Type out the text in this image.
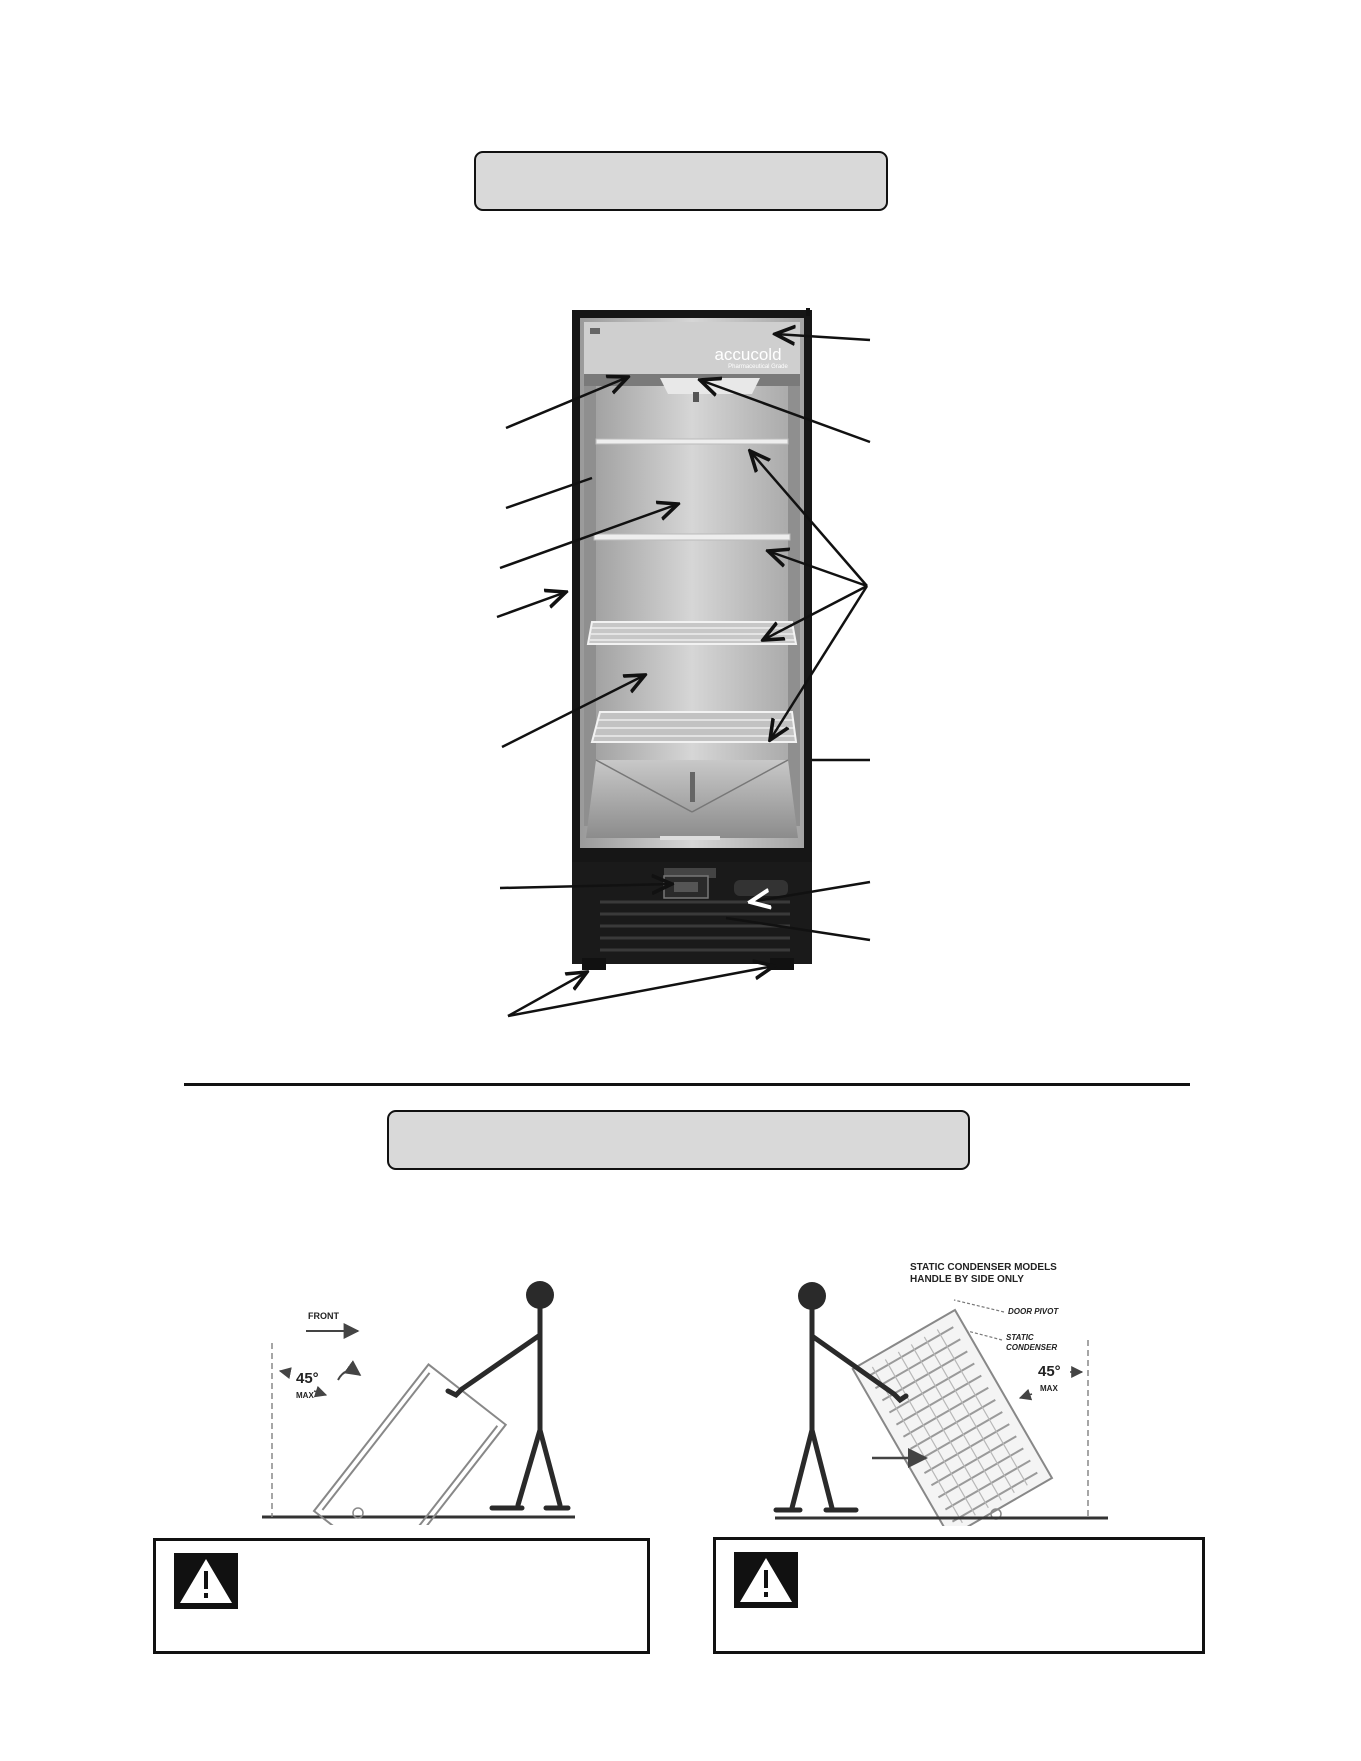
accucold
Pharmaceutical Grade
FRONT
45°
MAX
STATIC CONDENSER MODELS
HANDLE BY SIDE ONLY
DOOR PIVOT
STATIC
CONDENSER
45°
MAX
